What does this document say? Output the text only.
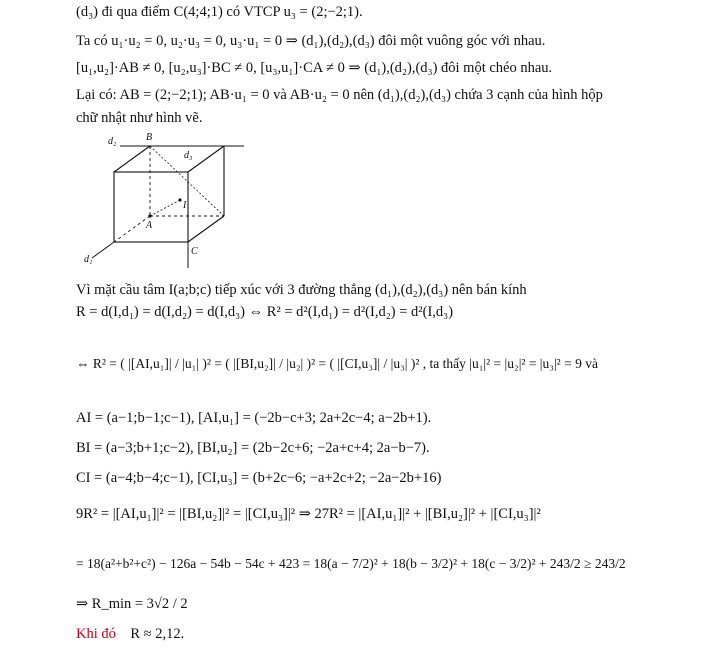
(d₃) đi qua điểm C(4;4;1) có VTCP u₃ = (2;−2;1).
Ta có u₁·u₂ = 0, u₂·u₃ = 0, u₃·u₁ = 0 ⇒ (d₁),(d₂),(d₃) đôi một vuông góc với nhau.
[u₁,u₂]·AB ≠ 0, [u₂,u₃]·BC ≠ 0, [u₃,u₁]·CA ≠ 0 ⇒ (d₁),(d₂),(d₃) đôi một chéo nhau.
Lại có: AB = (2;−2;1); AB·u₁ = 0 và AB·u₂ = 0 nên (d₁),(d₂),(d₃) chứa 3 cạnh của hình hộp
chữ nhật như hình vẽ.
d₂	B
d₃
I
A
C
d₁
Vì mặt cầu tâm I(a;b;c) tiếp xúc với 3 đường thẳng (d₁),(d₂),(d₃) nên bán kính
R = d(I,d₁) = d(I,d₂) = d(I,d₃) ⇔ R² = d²(I,d₁) = d²(I,d₂) = d²(I,d₃)
⇔ R² = ( |[AI,u₁]| / |u₁| )² = ( |[BI,u₂]| / |u₂| )² = ( |[CI,u₃]| / |u₃| )² , ta thấy |u₁|² = |u₂|² = |u₃|² = 9 và
AI = (a−1;b−1;c−1), [AI,u₁] = (−2b−c+3; 2a+2c−4; a−2b+1).
BI = (a−3;b+1;c−2), [BI,u₂] = (2b−2c+6; −2a+c+4; 2a−b−7).
CI = (a−4;b−4;c−1), [CI,u₃] = (b+2c−6; −a+2c+2; −2a−2b+16)
9R² = |[AI,u₁]|² = |[BI,u₂]|² = |[CI,u₃]|² ⇒ 27R² = |[AI,u₁]|² + |[BI,u₂]|² + |[CI,u₃]|²
= 18(a²+b²+c²) − 126a − 54b − 54c + 423 = 18(a − 7/2)² + 18(b − 3/2)² + 18(c − 3/2)² + 243/2 ≥ 243/2
⇒ R_min = 3√2 / 2
Khi đó R ≈ 2,12.
